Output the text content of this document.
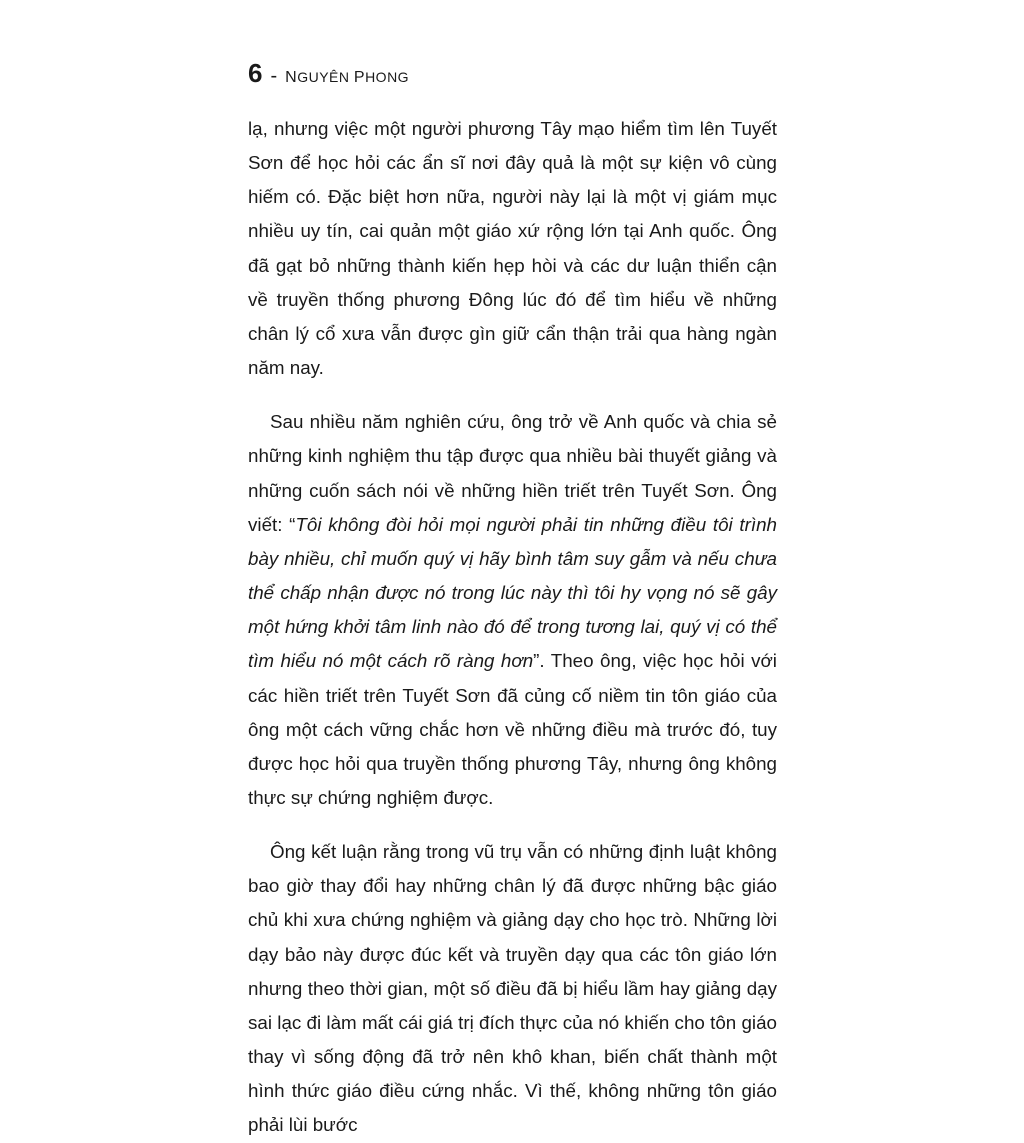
6 - NGUYÊN PHONG

lạ, nhưng việc một người phương Tây mạo hiểm tìm lên Tuyết Sơn để học hỏi các ẩn sĩ nơi đây quả là một sự kiện vô cùng hiếm có. Đặc biệt hơn nữa, người này lại là một vị giám mục nhiều uy tín, cai quản một giáo xứ rộng lớn tại Anh quốc. Ông đã gạt bỏ những thành kiến hẹp hòi và các dư luận thiển cận về truyền thống phương Đông lúc đó để tìm hiểu về những chân lý cổ xưa vẫn được gìn giữ cẩn thận trải qua hàng ngàn năm nay.

Sau nhiều năm nghiên cứu, ông trở về Anh quốc và chia sẻ những kinh nghiệm thu tập được qua nhiều bài thuyết giảng và những cuốn sách nói về những hiền triết trên Tuyết Sơn. Ông viết: “Tôi không đòi hỏi mọi người phải tin những điều tôi trình bày nhiều, chỉ muốn quý vị hãy bình tâm suy gẫm và nếu chưa thể chấp nhận được nó trong lúc này thì tôi hy vọng nó sẽ gây một hứng khởi tâm linh nào đó để trong tương lai, quý vị có thể tìm hiểu nó một cách rõ ràng hơn”. Theo ông, việc học hỏi với các hiền triết trên Tuyết Sơn đã củng cố niềm tin tôn giáo của ông một cách vững chắc hơn về những điều mà trước đó, tuy được học hỏi qua truyền thống phương Tây, nhưng ông không thực sự chứng nghiệm được.

Ông kết luận rằng trong vũ trụ vẫn có những định luật không bao giờ thay đổi hay những chân lý đã được những bậc giáo chủ khi xưa chứng nghiệm và giảng dạy cho học trò. Những lời dạy bảo này được đúc kết và truyền dạy qua các tôn giáo lớn nhưng theo thời gian, một số điều đã bị hiểu lầm hay giảng dạy sai lạc đi làm mất cái giá trị đích thực của nó khiến cho tôn giáo thay vì sống động đã trở nên khô khan, biến chất thành một hình thức giáo điều cứng nhắc. Vì thế, không những tôn giáo phải lùi bước
